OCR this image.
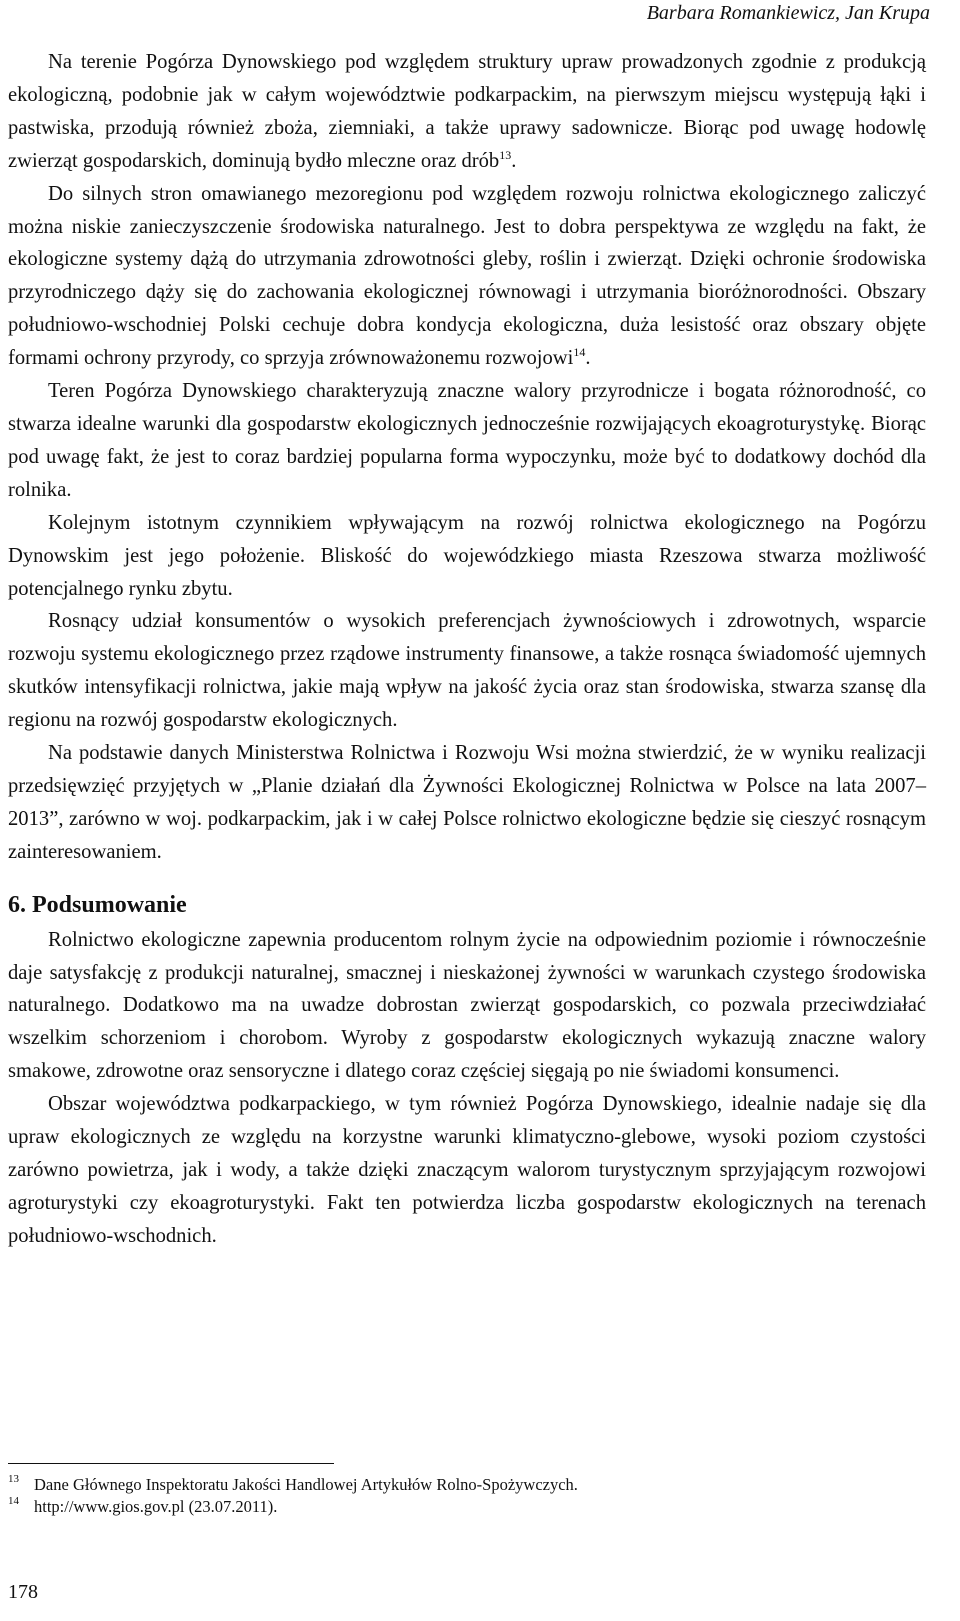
Barbara Romankiewicz, Jan Krupa

Na terenie Pogórza Dynowskiego pod względem struktury upraw prowadzonych zgodnie z produkcją ekologiczną, podobnie jak w całym województwie podkarpackim, na pierwszym miejscu występują łąki i pastwiska, przodują również zboża, ziemniaki, a także uprawy sadownicze. Biorąc pod uwagę hodowlę zwierząt gospodarskich, dominują bydło mleczne oraz drób$^{13}$.

Do silnych stron omawianego mezoregionu pod względem rozwoju rolnictwa ekologicznego zaliczyć można niskie zanieczyszczenie środowiska naturalnego. Jest to dobra perspektywa ze względu na fakt, że ekologiczne systemy dążą do utrzymania zdrowotności gleby, roślin i zwierząt. Dzięki ochronie środowiska przyrodniczego dąży się do zachowania ekologicznej równowagi i utrzymania bioróżnorodności. Obszary południowo-wschodniej Polski cechuje dobra kondycja ekologiczna, duża lesistość oraz obszary objęte formami ochrony przyrody, co sprzyja zrównoważonemu rozwojowi$^{14}$.

Teren Pogórza Dynowskiego charakteryzują znaczne walory przyrodnicze i bogata różnorodność, co stwarza idealne warunki dla gospodarstw ekologicznych jednocześnie rozwijających ekoagroturystykę. Biorąc pod uwagę fakt, że jest to coraz bardziej popularna forma wypoczynku, może być to dodatkowy dochód dla rolnika.

Kolejnym istotnym czynnikiem wpływającym na rozwój rolnictwa ekologicznego na Pogórzu Dynowskim jest jego położenie. Bliskość do wojewódzkiego miasta Rzeszowa stwarza możliwość potencjalnego rynku zbytu.

Rosnący udział konsumentów o wysokich preferencjach żywnościowych i zdrowotnych, wsparcie rozwoju systemu ekologicznego przez rządowe instrumenty finansowe, a także rosnąca świadomość ujemnych skutków intensyfikacji rolnictwa, jakie mają wpływ na jakość życia oraz stan środowiska, stwarza szansę dla regionu na rozwój gospodarstw ekologicznych.

Na podstawie danych Ministerstwa Rolnictwa i Rozwoju Wsi można stwierdzić, że w wyniku realizacji przedsięwzięć przyjętych w „Planie działań dla Żywności Ekologicznej Rolnictwa w Polsce na lata 2007–2013”, zarówno w woj. podkarpackim, jak i w całej Polsce rolnictwo ekologiczne będzie się cieszyć rosnącym zainteresowaniem.

6. Podsumowanie

Rolnictwo ekologiczne zapewnia producentom rolnym życie na odpowiednim poziomie i równocześnie daje satysfakcję z produkcji naturalnej, smacznej i nieskażonej żywności w warunkach czystego środowiska naturalnego. Dodatkowo ma na uwadze dobrostan zwierząt gospodarskich, co pozwala przeciwdziałać wszelkim schorzeniom i chorobom. Wyroby z gospodarstw ekologicznych wykazują znaczne walory smakowe, zdrowotne oraz sensoryczne i dlatego coraz częściej sięgają po nie świadomi konsumenci.

Obszar województwa podkarpackiego, w tym również Pogórza Dynowskiego, idealnie nadaje się dla upraw ekologicznych ze względu na korzystne warunki klimatyczno-glebowe, wysoki poziom czystości zarówno powietrza, jak i wody, a także dzięki znaczącym walorom turystycznym sprzyjającym rozwojowi agroturystyki czy ekoagroturystyki. Fakt ten potwierdza liczba gospodarstw ekologicznych na terenach południowo-wschodnich.

13 Dane Głównego Inspektoratu Jakości Handlowej Artykułów Rolno-Spożywczych.
14 http://www.gios.gov.pl (23.07.2011).
178
